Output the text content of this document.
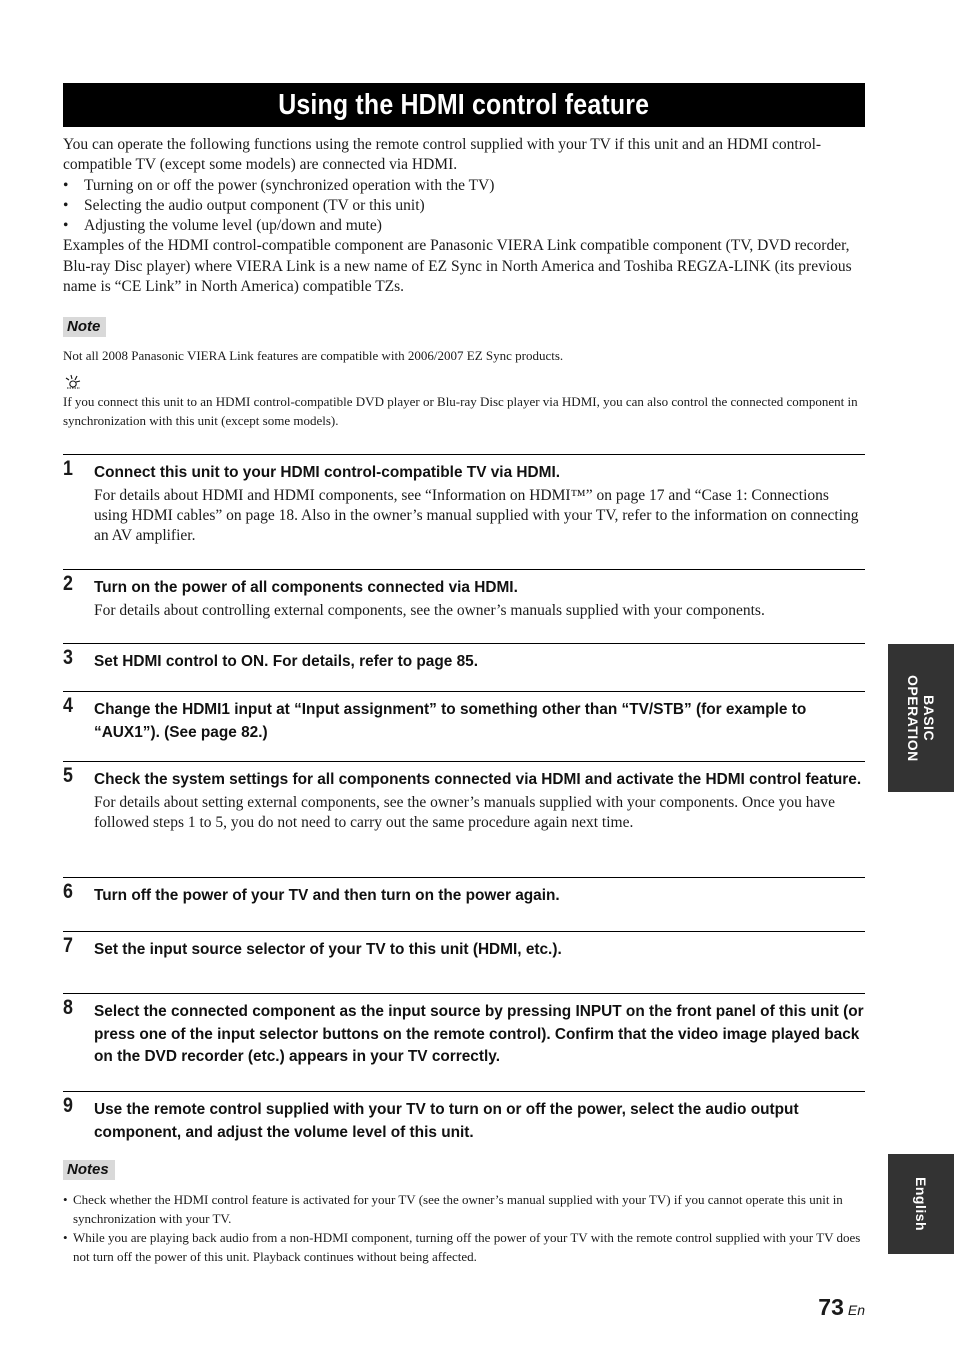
Using the HDMI control feature

You can operate the following functions using the remote control supplied with your TV if this unit and an HDMI control-compatible TV (except some models) are connected via HDMI.

• Turning on or off the power (synchronized operation with the TV)
• Selecting the audio output component (TV or this unit)
• Adjusting the volume level (up/down and mute)

Examples of the HDMI control-compatible component are Panasonic VIERA Link compatible component (TV, DVD recorder, Blu-ray Disc player) where VIERA Link is a new name of EZ Sync in North America and Toshiba REGZA-LINK (its previous name is “CE Link” in North America) compatible TZs.

Note

Not all 2008 Panasonic VIERA Link features are compatible with 2006/2007 EZ Sync products.

If you connect this unit to an HDMI control-compatible DVD player or Blu-ray Disc player via HDMI, you can also control the connected component in synchronization with this unit (except some models).

1 Connect this unit to your HDMI control-compatible TV via HDMI.
For details about HDMI and HDMI components, see “Information on HDMI™” on page 17 and “Case 1: Connections using HDMI cables” on page 18. Also in the owner’s manual supplied with your TV, refer to the information on connecting an AV amplifier.
2 Turn on the power of all components connected via HDMI.
For details about controlling external components, see the owner’s manuals supplied with your components.
3 Set HDMI control to ON. For details, refer to page 85.
4 Change the HDMI1 input at “Input assignment” to something other than “TV/STB” (for example to “AUX1”). (See page 82.)
5 Check the system settings for all components connected via HDMI and activate the HDMI control feature.
For details about setting external components, see the owner’s manuals supplied with your components. Once you have followed steps 1 to 5, you do not need to carry out the same procedure again next time.
6 Turn off the power of your TV and then turn on the power again.
7 Set the input source selector of your TV to this unit (HDMI, etc.).
8 Select the connected component as the input source by pressing INPUT on the front panel of this unit (or press one of the input selector buttons on the remote control). Confirm that the video image played back on the DVD recorder (etc.) appears in your TV correctly.
9 Use the remote control supplied with your TV to turn on or off the power, select the audio output component, and adjust the volume level of this unit.
Notes
• Check whether the HDMI control feature is activated for your TV (see the owner’s manual supplied with your TV) if you cannot operate this unit in synchronization with your TV.
• While you are playing back audio from a non-HDMI component, turning off the power of your TV with the remote control supplied with your TV does not turn off the power of this unit. Playback continues without being affected.
BASIC
OPERATION
English
73 En
